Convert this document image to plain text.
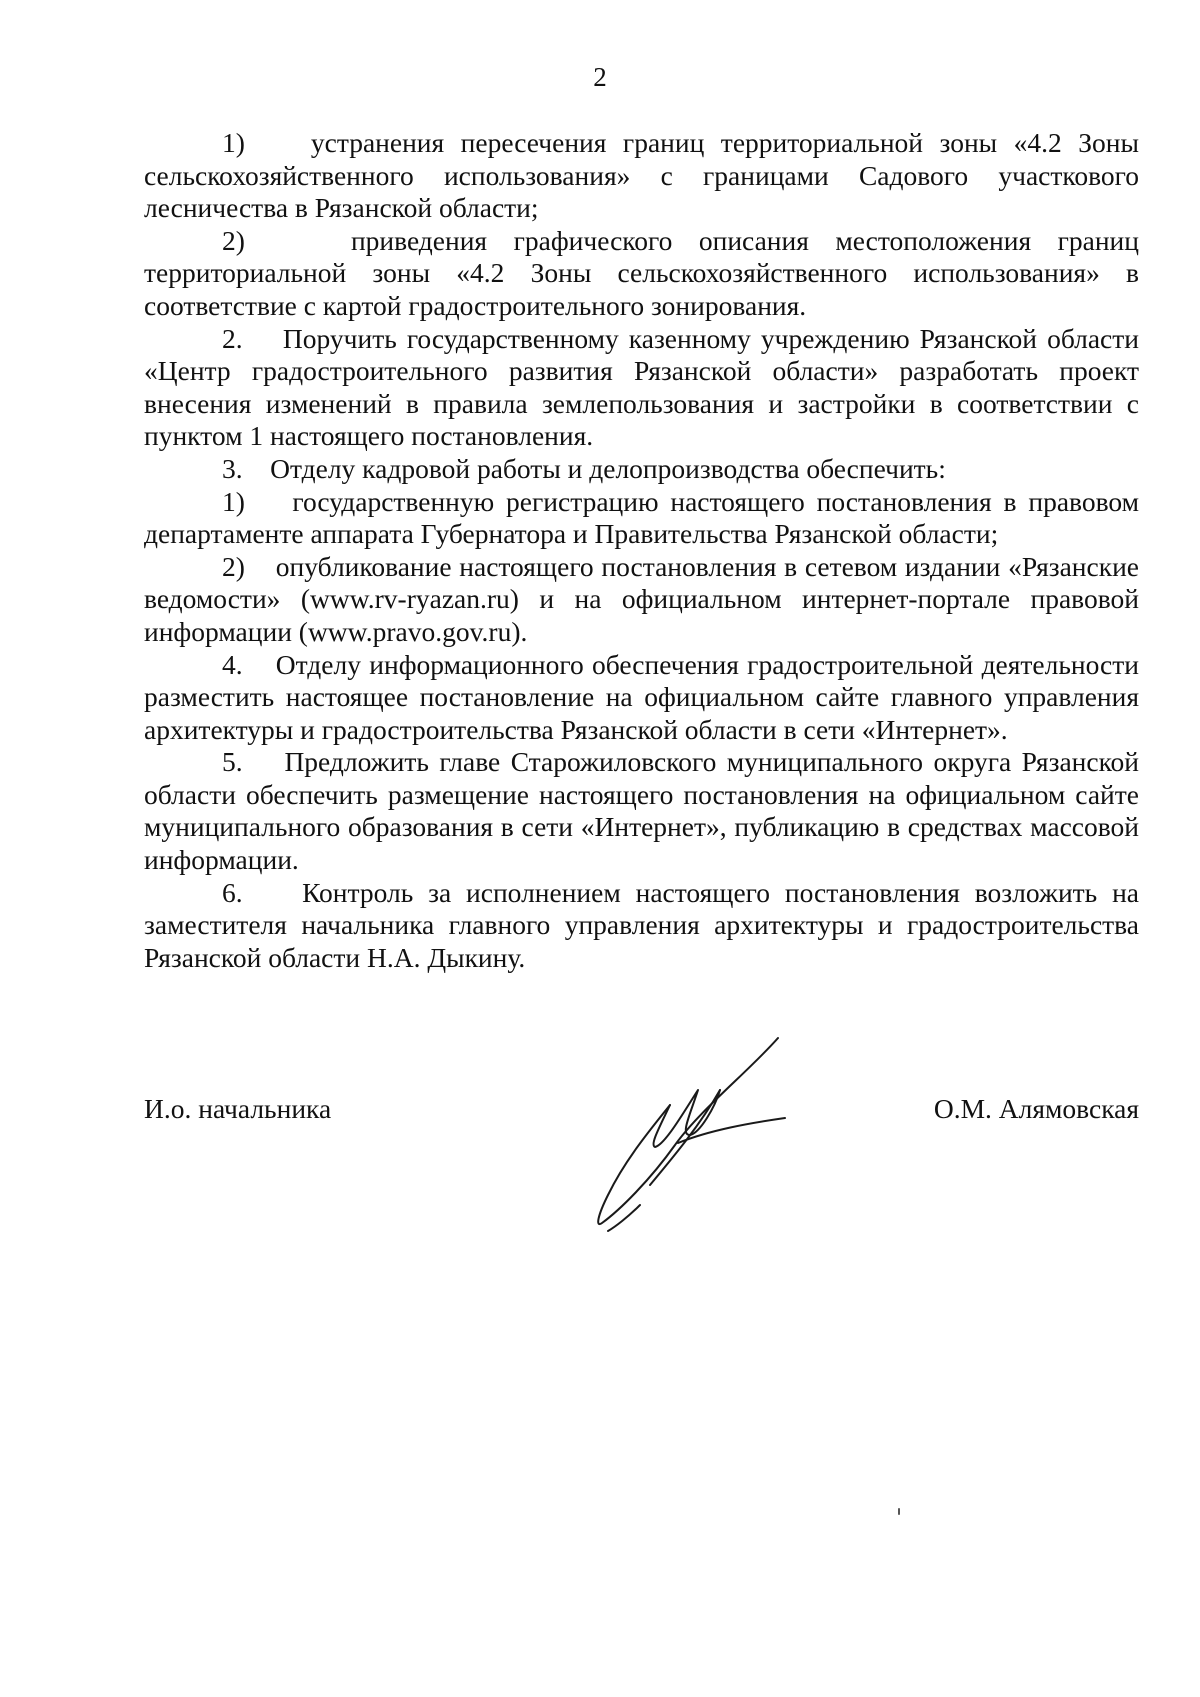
2

1)    устранения пересечения границ территориальной зоны «4.2 Зоны сельскохозяйственного использования» с границами Садового участкового лесничества в Рязанской области;

2)    приведения графического описания местоположения границ территориальной зоны «4.2 Зоны сельскохозяйственного использования» в соответствие с картой градостроительного зонирования.

2.    Поручить государственному казенному учреждению Рязанской области «Центр градостроительного развития Рязанской области» разработать проект внесения изменений в правила землепользования и застройки в соответствии с пунктом 1 настоящего постановления.

3.    Отделу кадровой работы и делопроизводства обеспечить:

1)    государственную регистрацию настоящего постановления в правовом департаменте аппарата Губернатора и Правительства Рязанской области;

2)    опубликование настоящего постановления в сетевом издании «Рязанские ведомости» (www.rv-ryazan.ru) и на официальном интернет-портале правовой информации (www.pravo.gov.ru).

4.    Отделу информационного обеспечения градостроительной деятельности разместить настоящее постановление на официальном сайте главного управления архитектуры и градостроительства Рязанской области в сети «Интернет».

5.    Предложить главе Старожиловского муниципального округа Рязанской области обеспечить размещение настоящего постановления на официальном сайте муниципального образования в сети «Интернет», публикацию в средствах массовой информации.

6.    Контроль за исполнением настоящего постановления возложить на заместителя начальника главного управления архитектуры и градостроительства Рязанской области Н.А. Дыкину.

И.о. начальника	О.М. Алямовская
